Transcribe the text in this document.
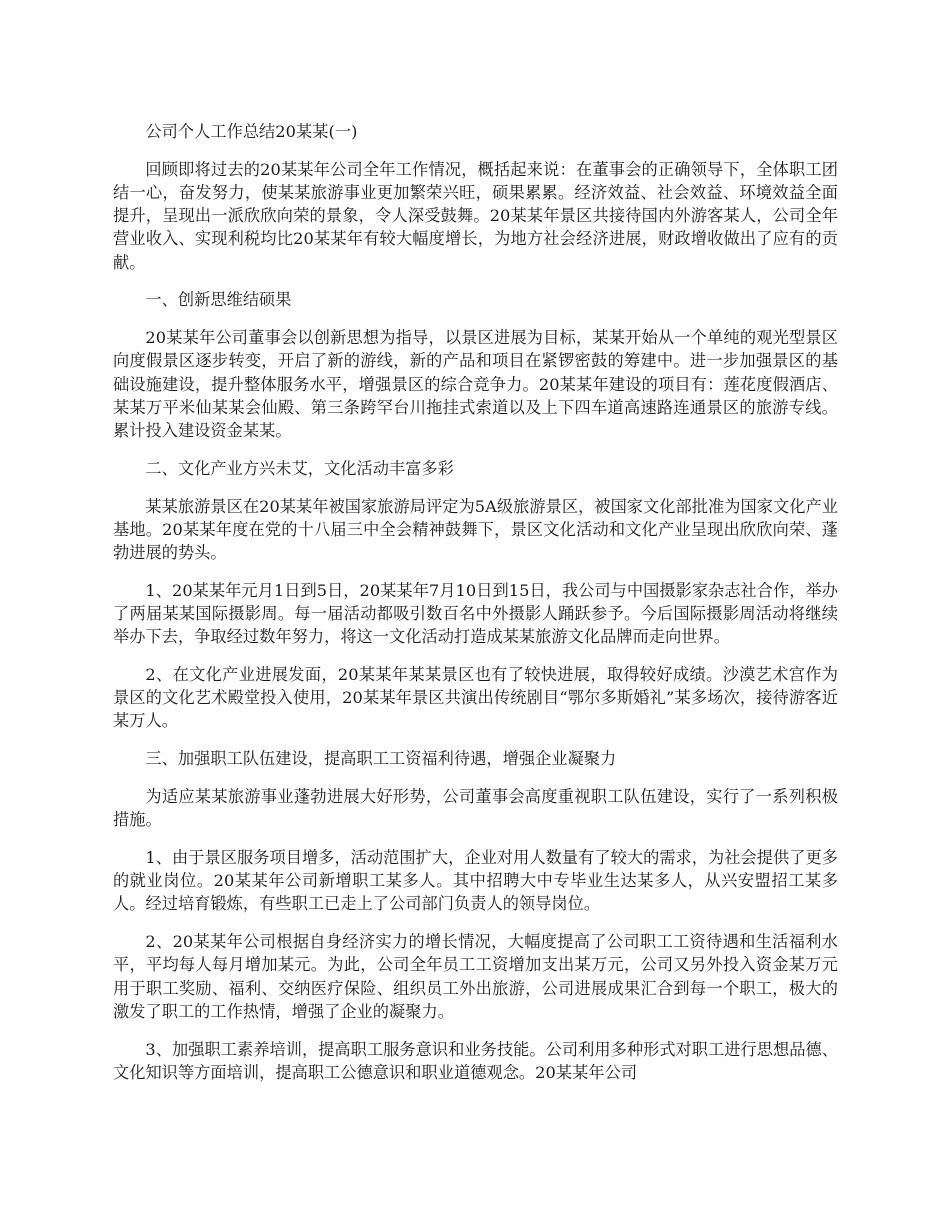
公司个人工作总结20某某(一)

回顾即将过去的20某某年公司全年工作情况，概括起来说：在董事会的正确领导下，全体职工团结一心，奋发努力，使某某旅游事业更加繁荣兴旺，硕果累累。经济效益、社会效益、环境效益全面提升，呈现出一派欣欣向荣的景象，令人深受鼓舞。20某某年景区共接待国内外游客某人，公司全年营业收入、实现利税均比20某某年有较大幅度增长，为地方社会经济进展，财政增收做出了应有的贡献。

一、创新思维结硕果

20某某年公司董事会以创新思想为指导，以景区进展为目标，某某开始从一个单纯的观光型景区向度假景区逐步转变，开启了新的游线，新的产品和项目在紧锣密鼓的筹建中。进一步加强景区的基础设施建设，提升整体服务水平，增强景区的综合竞争力。20某某年建设的项目有：莲花度假酒店、某某万平米仙某某会仙殿、第三条跨罕台川拖挂式索道以及上下四车道高速路连通景区的旅游专线。累计投入建设资金某某。

二、文化产业方兴未艾，文化活动丰富多彩

某某旅游景区在20某某年被国家旅游局评定为5A级旅游景区，被国家文化部批准为国家文化产业基地。20某某年度在党的十八届三中全会精神鼓舞下，景区文化活动和文化产业呈现出欣欣向荣、蓬勃进展的势头。

1、20某某年元月1日到5日，20某某年7月10日到15日，我公司与中国摄影家杂志社合作，举办了两届某某国际摄影周。每一届活动都吸引数百名中外摄影人踊跃参予。今后国际摄影周活动将继续举办下去，争取经过数年努力，将这一文化活动打造成某某旅游文化品牌而走向世界。

2、在文化产业进展发面，20某某年某某景区也有了较快进展，取得较好成绩。沙漠艺术宫作为景区的文化艺术殿堂投入使用，20某某年景区共演出传统剧目“鄂尔多斯婚礼”某多场次，接待游客近某万人。

三、加强职工队伍建设，提高职工工资福利待遇，增强企业凝聚力

为适应某某旅游事业蓬勃进展大好形势，公司董事会高度重视职工队伍建设，实行了一系列积极措施。

1、由于景区服务项目增多，活动范围扩大，企业对用人数量有了较大的需求，为社会提供了更多的就业岗位。20某某年公司新增职工某多人。其中招聘大中专毕业生达某多人，从兴安盟招工某多人。经过培育锻炼，有些职工已走上了公司部门负责人的领导岗位。

2、20某某年公司根据自身经济实力的增长情况，大幅度提高了公司职工工资待遇和生活福利水平，平均每人每月增加某元。为此，公司全年员工工资增加支出某万元，公司又另外投入资金某万元用于职工奖励、福利、交纳医疗保险、组织员工外出旅游，公司进展成果汇合到每一个职工，极大的激发了职工的工作热情，增强了企业的凝聚力。

3、加强职工素养培训，提高职工服务意识和业务技能。公司利用多种形式对职工进行思想品德、文化知识等方面培训，提高职工公德意识和职业道德观念。20某某年公司
